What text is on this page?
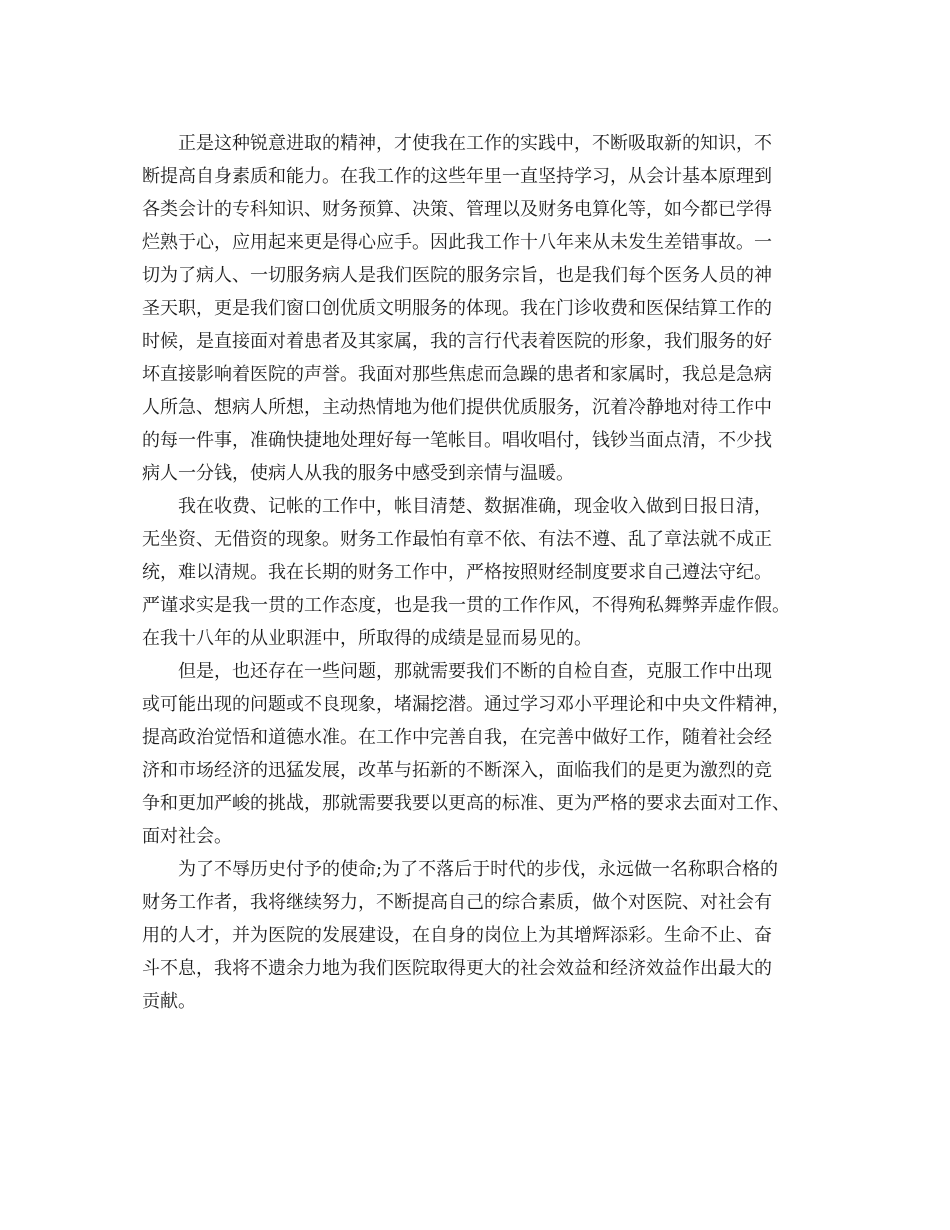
正是这种锐意进取的精神，才使我在工作的实践中，不断吸取新的知识，不
断提高自身素质和能力。在我工作的这些年里一直坚持学习，从会计基本原理到
各类会计的专科知识、财务预算、决策、管理以及财务电算化等，如今都已学得
烂熟于心，应用起来更是得心应手。因此我工作十八年来从未发生差错事故。一
切为了病人、一切服务病人是我们医院的服务宗旨，也是我们每个医务人员的神
圣天职，更是我们窗口创优质文明服务的体现。我在门诊收费和医保结算工作的
时候，是直接面对着患者及其家属，我的言行代表着医院的形象，我们服务的好
坏直接影响着医院的声誉。我面对那些焦虑而急躁的患者和家属时，我总是急病
人所急、想病人所想，主动热情地为他们提供优质服务，沉着冷静地对待工作中
的每一件事，准确快捷地处理好每一笔帐目。唱收唱付，钱钞当面点清，不少找
病人一分钱，使病人从我的服务中感受到亲情与温暖。

我在收费、记帐的工作中，帐目清楚、数据准确，现金收入做到日报日清，
无坐资、无借资的现象。财务工作最怕有章不依、有法不遵、乱了章法就不成正
统，难以清规。我在长期的财务工作中，严格按照财经制度要求自己遵法守纪。
严谨求实是我一贯的工作态度，也是我一贯的工作作风，不得殉私舞弊弄虚作假。
在我十八年的从业职涯中，所取得的成绩是显而易见的。

但是，也还存在一些问题，那就需要我们不断的自检自查，克服工作中出现
或可能出现的问题或不良现象，堵漏挖潜。通过学习邓小平理论和中央文件精神，
提高政治觉悟和道德水准。在工作中完善自我，在完善中做好工作，随着社会经
济和市场经济的迅猛发展，改革与拓新的不断深入，面临我们的是更为激烈的竞
争和更加严峻的挑战，那就需要我要以更高的标准、更为严格的要求去面对工作、
面对社会。

为了不辱历史付予的使命;为了不落后于时代的步伐，永远做一名称职合格的
财务工作者，我将继续努力，不断提高自己的综合素质，做个对医院、对社会有
用的人才，并为医院的发展建设，在自身的岗位上为其增辉添彩。生命不止、奋
斗不息，我将不遗余力地为我们医院取得更大的社会效益和经济效益作出最大的
贡献。
